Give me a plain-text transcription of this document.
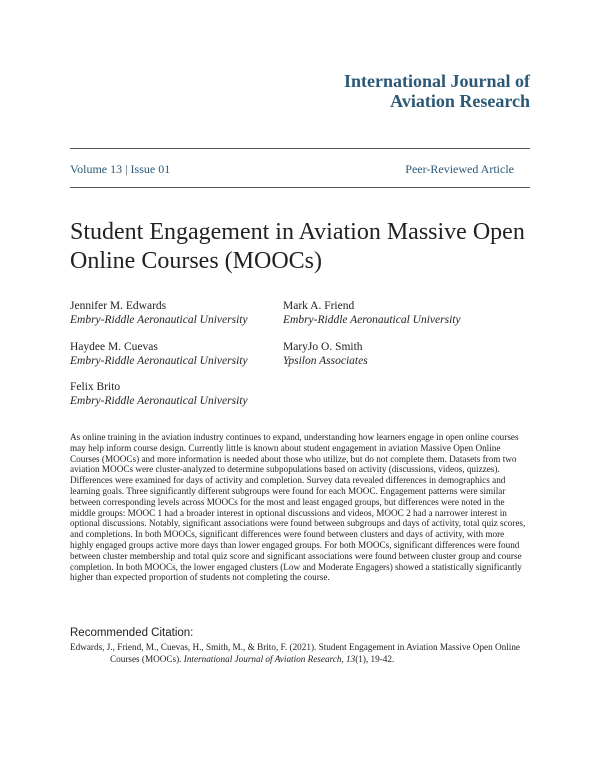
International Journal of
Aviation Research
Volume 13 | Issue 01	Peer-Reviewed Article
Student Engagement in Aviation Massive Open
Online Courses (MOOCs)
Jennifer M. Edwards
Embry-Riddle Aeronautical University
Mark A. Friend
Embry-Riddle Aeronautical University
Haydee M. Cuevas
Embry-Riddle Aeronautical University
MaryJo O. Smith
Ypsilon Associates
Felix Brito
Embry-Riddle Aeronautical University
As online training in the aviation industry continues to expand, understanding how learners engage in open online courses may help inform course design. Currently little is known about student engagement in aviation Massive Open Online Courses (MOOCs) and more information is needed about those who utilize, but do not complete them. Datasets from two aviation MOOCs were cluster-analyzed to determine subpopulations based on activity (discussions, videos, quizzes). Differences were examined for days of activity and completion. Survey data revealed differences in demographics and learning goals. Three significantly different subgroups were found for each MOOC. Engagement patterns were similar between corresponding levels across MOOCs for the most and least engaged groups, but differences were noted in the middle groups: MOOC 1 had a broader interest in optional discussions and videos, MOOC 2 had a narrower interest in optional discussions. Notably, significant associations were found between subgroups and days of activity, total quiz scores, and completions. In both MOOCs, significant differences were found between clusters and days of activity, with more highly engaged groups active more days than lower engaged groups. For both MOOCs, significant differences were found between cluster membership and total quiz score and significant associations were found between cluster group and course completion. In both MOOCs, the lower engaged clusters (Low and Moderate Engagers) showed a statistically significantly higher than expected proportion of students not completing the course.
Recommended Citation:
Edwards, J., Friend, M., Cuevas, H., Smith, M., & Brito, F. (2021). Student Engagement in Aviation Massive Open Online Courses (MOOCs). International Journal of Aviation Research, 13(1), 19-42.
